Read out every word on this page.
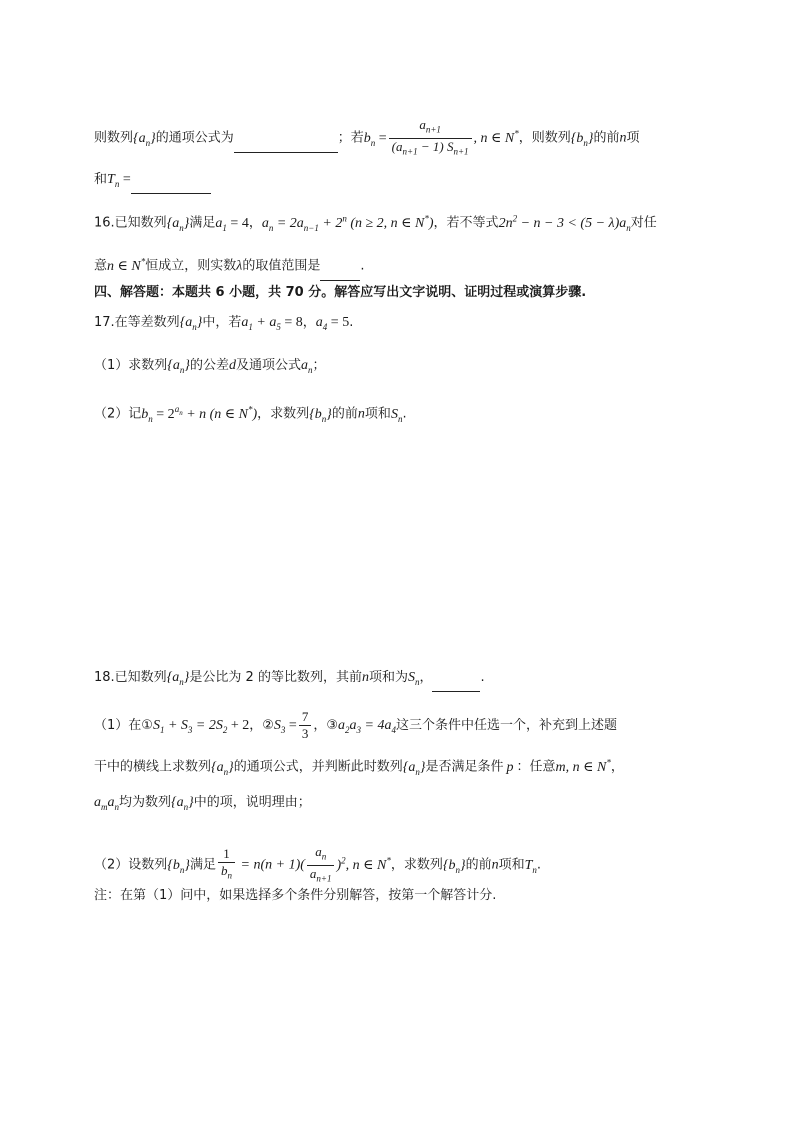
则数列$\{a_n\}$的通项公式为	；若$b_n = \frac{a_{n+1}}{(a_{n+1} - 1) S_{n+1}}$ , n ∈ N*，则数列$\{b_n\}$的前n项
和$T_n$ =
16.已知数列$\{a_n\}$满足$a_1 = 4$，$a_n = 2a_{n-1} + 2^n$ (n ≥ 2, n ∈ N*)，若不等式$2n^2 - n - 3 < (5 - \lambda)a_n$对任
意n ∈ N*恒成立，则实数λ的取值范围是	.
四、解答题：本题共 6 小题，共 70 分。解答应写出文字说明、证明过程或演算步骤.
17.在等差数列$\{a_n\}$中，若$a_1 + a_5 = 8$，$a_4 = 5$.
（1）求数列$\{a_n\}$的公差d及通项公式$a_n$；
（2）记$b_n = 2^{a_n} + n$ (n ∈ N*)，求数列$\{b_n\}$的前n项和$S_n$.
18.已知数列$\{a_n\}$是公比为 2 的等比数列，其前n项和为$S_n$，	.
（1）在$①S_1 + S_3 = 2S_2 + 2$，$②S_3 = \frac{7}{3}$ ，$③a_2a_3 = 4a_4$这三个条件中任选一个，补充到上述题
干中的横线上求数列$\{a_n\}$的通项公式，并判断此时数列$\{a_n\}$是否满足条件 p ：任意m, n ∈ N*，
$a_ma_n$均为数列$\{a_n\}$中的项，说明理由；
（2）设数列$\{b_n\}$满足 $\frac{1}{b_n} = n(n + 1)( \frac{a_n}{a_{n+1}} )^2$, n ∈ N*，求数列$\{b_n\}$的前n项和$T_n$.
注：在第（1）问中，如果选择多个条件分别解答，按第一个解答计分.
